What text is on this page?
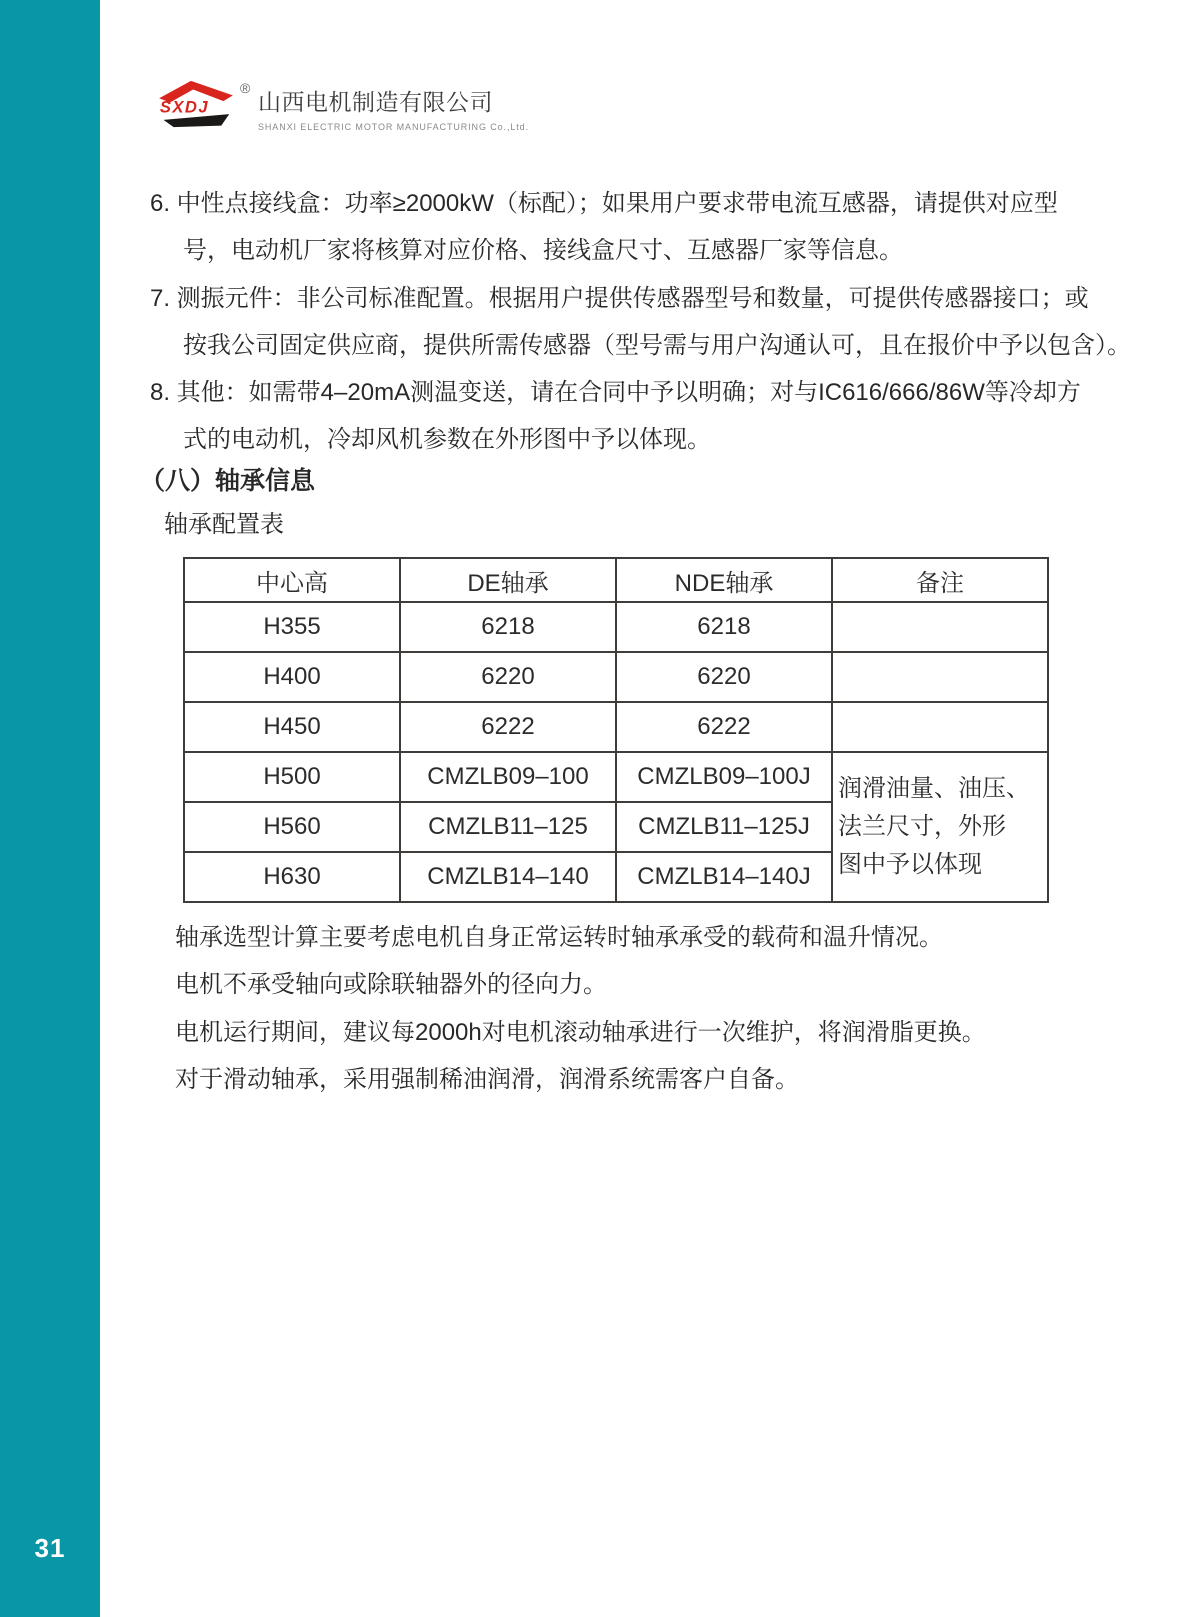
31
SXDJ
®
山西电机制造有限公司
SHANXI ELECTRIC MOTOR MANUFACTURING Co.,Ltd.
6. 中性点接线盒：功率≥2000kW（标配）；如果用户要求带电流互感器，请提供对应型
号，电动机厂家将核算对应价格、接线盒尺寸、互感器厂家等信息。
7. 测振元件：非公司标准配置。根据用户提供传感器型号和数量，可提供传感器接口；或
按我公司固定供应商，提供所需传感器（型号需与用户沟通认可，且在报价中予以包含）。
8. 其他：如需带4–20mA测温变送，请在合同中予以明确；对与IC616/666/86W等冷却方
式的电动机，冷却风机参数在外形图中予以体现。
（八）轴承信息
轴承配置表
中心高	DE轴承	NDE轴承	备注
H355	6218	6218	
H400	6220	6220	
H450	6222	6222	
H500	CMZLB09–100	CMZLB09–100J	润滑油量、油压、
法兰尺寸，外形
图中予以体现

H560	CMZLB11–125	CMZLB11–125J	
H630	CMZLB14–140	CMZLB14–140J	
轴承选型计算主要考虑电机自身正常运转时轴承承受的载荷和温升情况。
电机不承受轴向或除联轴器外的径向力。
电机运行期间，建议每2000h对电机滚动轴承进行一次维护，将润滑脂更换。
对于滑动轴承，采用强制稀油润滑，润滑系统需客户自备。
